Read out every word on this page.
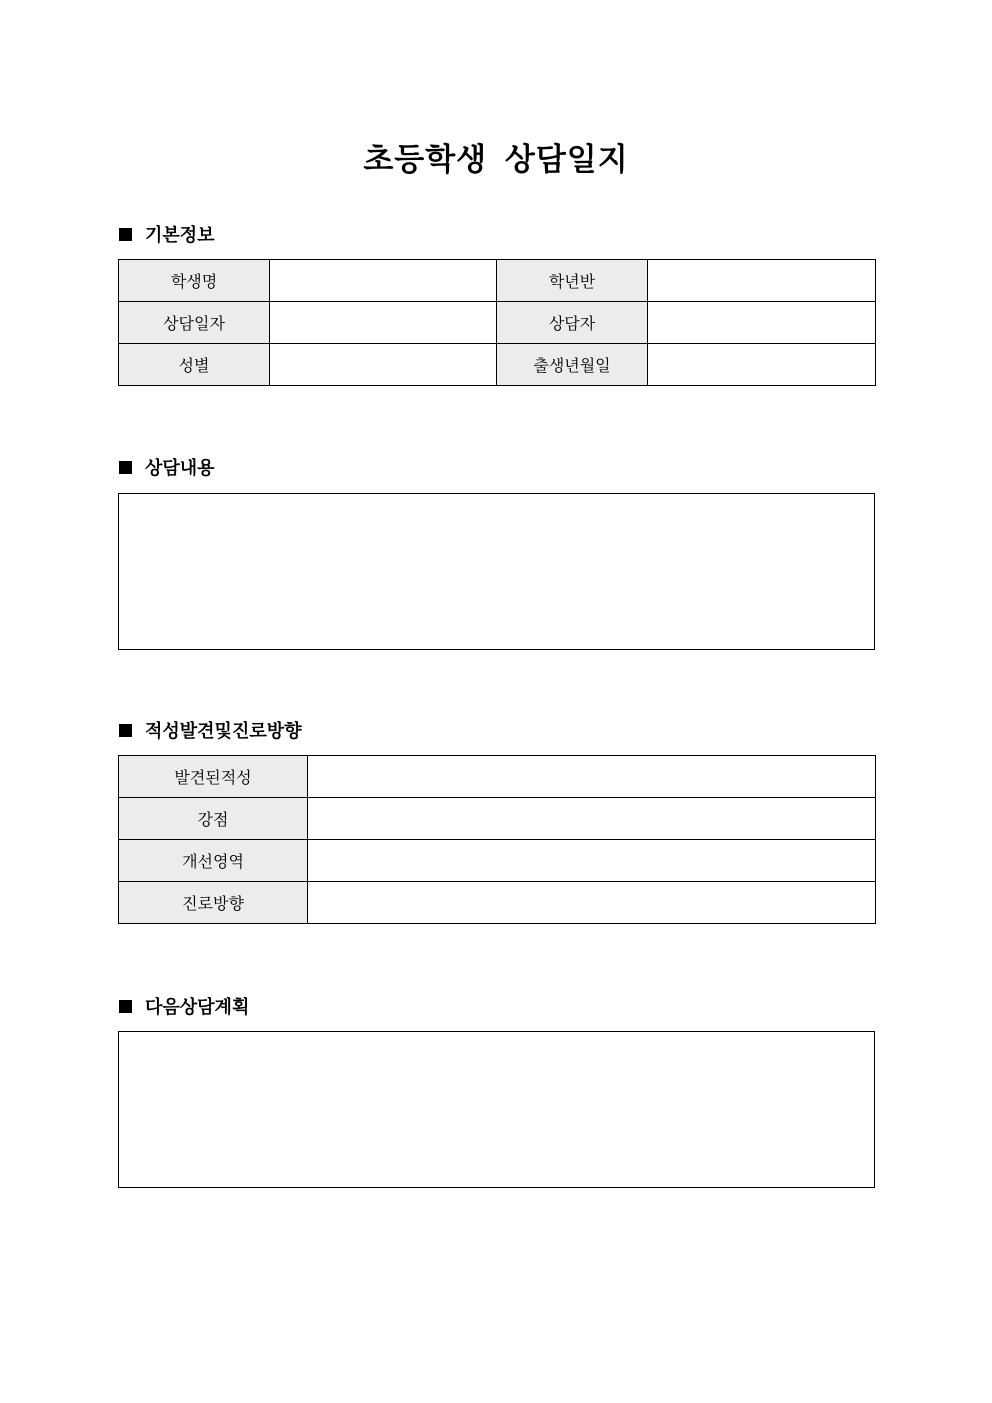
초등학생 상담일지
기본정보
학생명		학년반	
상담일자		상담자	
성별		출생년월일	
상담내용
적성발견및진로방향
발견된적성	
강점	
개선영역	
진로방향	
다음상담계획
